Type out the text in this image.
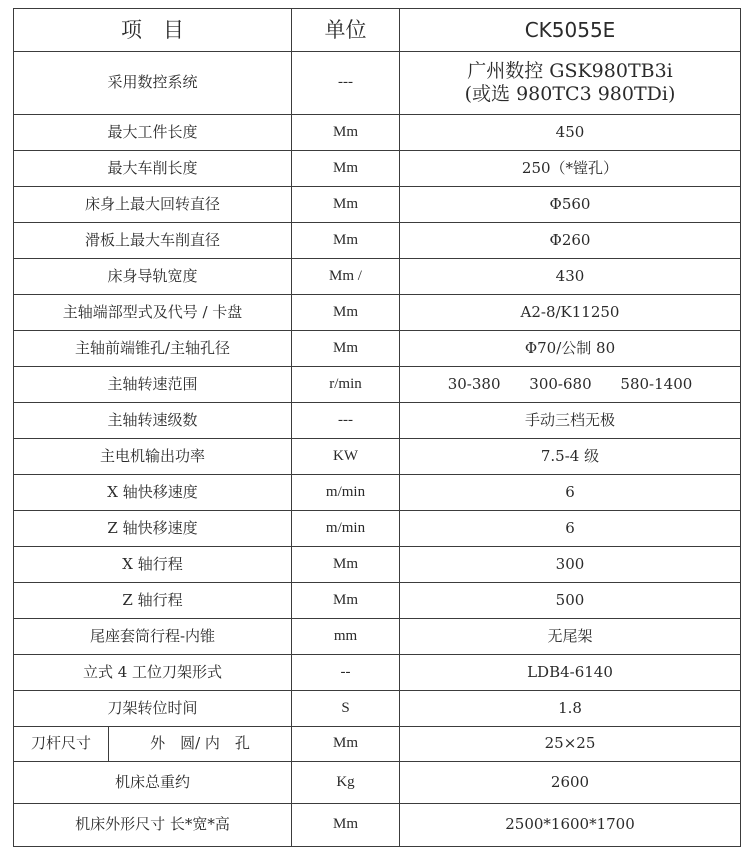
项　目		单位	CK5055E
采用数控系统		---	广州数控 GSK980TB3i
(或选 980TC3 980TDi)

最大工件长度		Mm	450
最大车削长度		Mm	250（*镗孔）
床身上最大回转直径		Mm	Φ560
滑板上最大车削直径		Mm	Φ260
床身导轨宽度		Mm /	430
主轴端部型式及代号 / 卡盘		Mm	A2-8/K11250
主轴前端锥孔/主轴孔径		Mm	Φ70/公制 80
主轴转速范围		r/min	30-380 300-680 580-1400
主轴转速级数		---	手动三档无极
主电机输出功率		KW	7.5-4 级
X 轴快移速度		m/min	6
Z 轴快移速度		m/min	6
X 轴行程		Mm	300
Z 轴行程		Mm	500
尾座套筒行程-内锥		mm	无尾架
立式 4 工位刀架形式		--	LDB4-6140
刀架转位时间		S	1.8
刀杆尺寸	外　圆/ 内　孔	Mm	25×25
机床总重约		Kg	2600
机床外形尺寸 长*宽*高		Mm	2500*1600*1700
